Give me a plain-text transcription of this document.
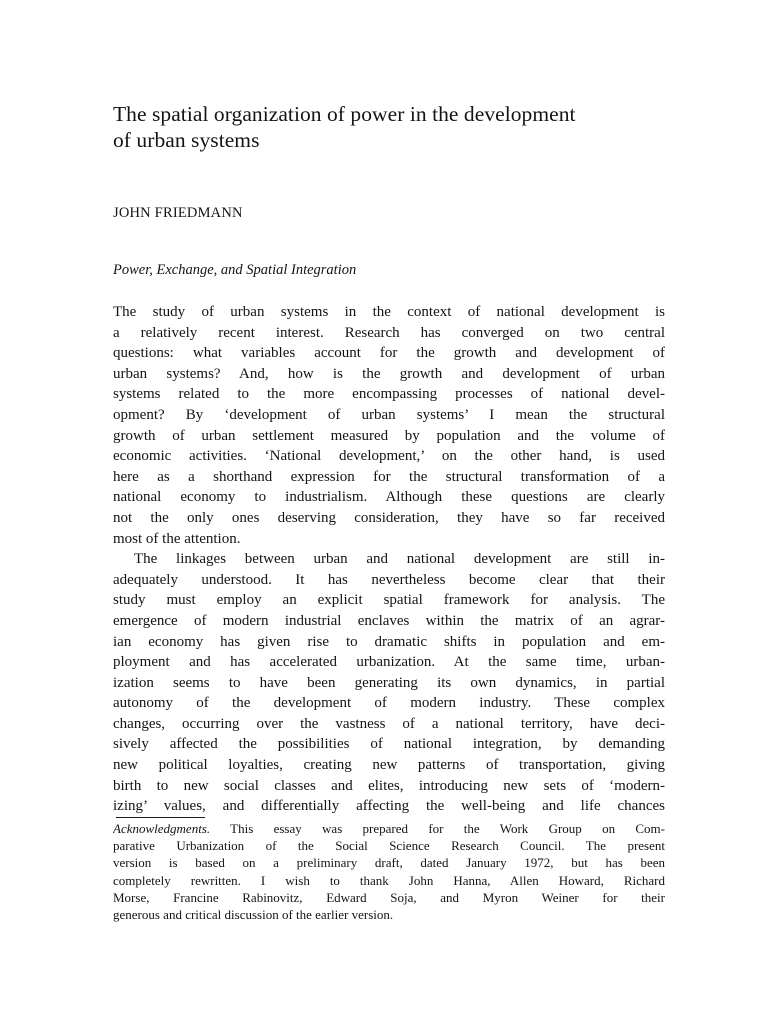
The spatial organization of power in the development
of urban systems

JOHN FRIEDMANN

Power, Exchange, and Spatial Integration

The study of urban systems in the context of national development is
a relatively recent interest. Research has converged on two central
questions: what variables account for the growth and development of
urban systems? And, how is the growth and development of urban
systems related to the more encompassing processes of national devel-
opment? By ‘development of urban systems’ I mean the structural
growth of urban settlement measured by population and the volume of
economic activities. ‘National development,’ on the other hand, is used
here as a shorthand expression for the structural transformation of a
national economy to industrialism. Although these questions are clearly
not the only ones deserving consideration, they have so far received
most of the attention.
The linkages between urban and national development are still in-
adequately understood. It has nevertheless become clear that their
study must employ an explicit spatial framework for analysis. The
emergence of modern industrial enclaves within the matrix of an agrar-
ian economy has given rise to dramatic shifts in population and em-
ployment and has accelerated urbanization. At the same time, urban-
ization seems to have been generating its own dynamics, in partial
autonomy of the development of modern industry. These complex
changes, occurring over the vastness of a national territory, have deci-
sively affected the possibilities of national integration, by demanding
new political loyalties, creating new patterns of transportation, giving
birth to new social classes and elites, introducing new sets of ‘modern-
izing’ values, and differentially affecting the well-being and life chances
Acknowledgments. This essay was prepared for the Work Group on Com-
parative Urbanization of the Social Science Research Council. The present
version is based on a preliminary draft, dated January 1972, but has been
completely rewritten. I wish to thank John Hanna, Allen Howard, Richard
Morse, Francine Rabinovitz, Edward Soja, and Myron Weiner for their
generous and critical discussion of the earlier version.
